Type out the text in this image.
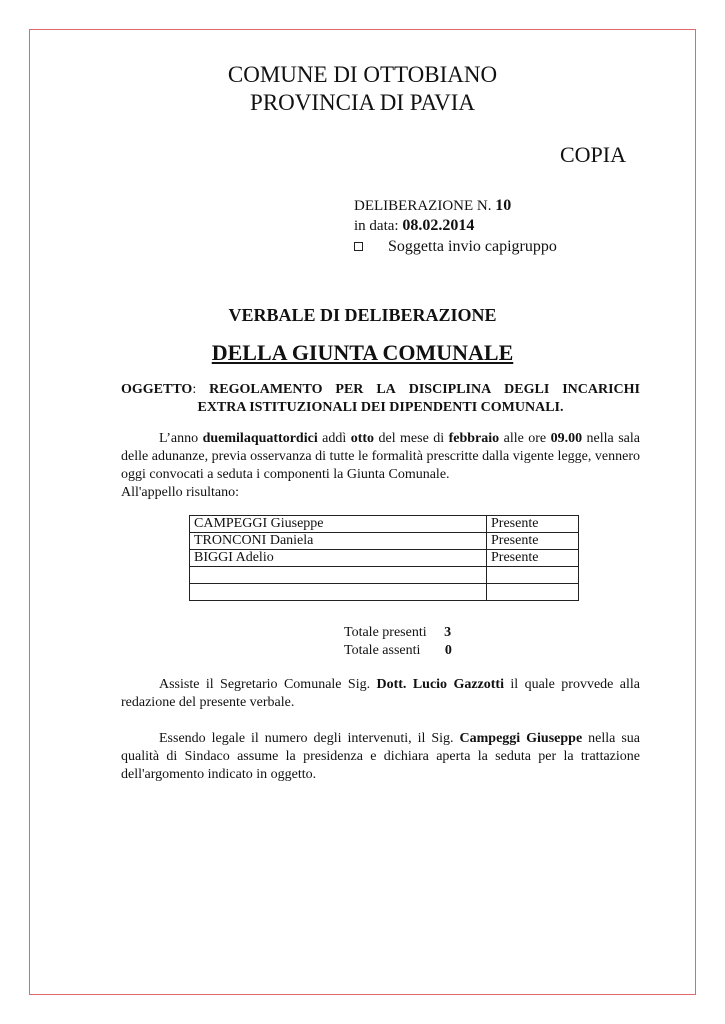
COMUNE DI OTTOBIANO
PROVINCIA DI PAVIA
COPIA
DELIBERAZIONE N. 10
in data: 08.02.2014
Soggetta invio capigruppo
VERBALE DI DELIBERAZIONE
DELLA GIUNTA COMUNALE
OGGETTO: REGOLAMENTO PER LA DISCIPLINA DEGLI INCARICHI
EXTRA ISTITUZIONALI DEI DIPENDENTI COMUNALI.
L’anno duemilaquattordici addì otto del mese di febbraio alle ore 09.00 nella sala delle adunanze, previa osservanza di tutte le formalità prescritte dalla vigente legge, vennero oggi convocati a seduta i componenti la Giunta Comunale.
All'appello risultano:
CAMPEGGI Giuseppe	Presente
TRONCONI Daniela	Presente
BIGGI Adelio	Presente

Totale presenti 3
Totale assenti 0
Assiste il Segretario Comunale Sig. Dott. Lucio Gazzotti il quale provvede alla redazione del presente verbale.
Essendo legale il numero degli intervenuti, il Sig. Campeggi Giuseppe nella sua qualità di Sindaco assume la presidenza e dichiara aperta la seduta per la trattazione dell'argomento indicato in oggetto.
